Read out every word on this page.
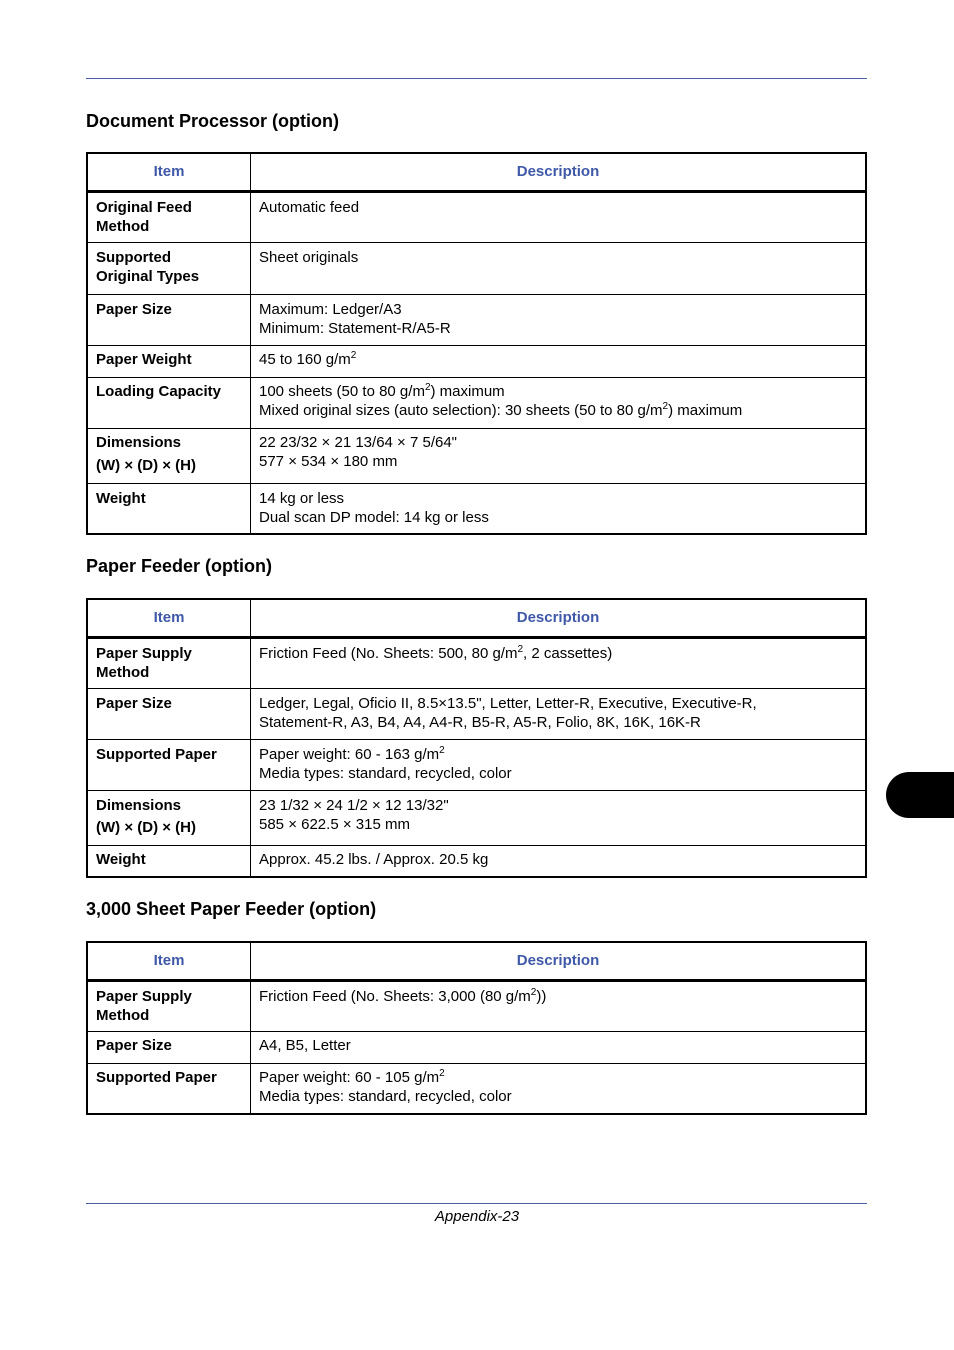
Document Processor (option)
Item	Description

Original Feed
Method	Automatic feed

Supported
Original Types	Sheet originals

Paper Size	Maximum: Ledger/A3
Minimum: Statement-R/A5-R

Paper Weight	45 to 160 $g/m^2$

Loading Capacity	100 sheets (50 to 80 $g/m^2$) maximum
Mixed original sizes (auto selection): 30 sheets (50 to 80 $g/m^2$) maximum

Dimensions
(W) × (D) × (H)	22 23/32 × 21 13/64 × 7 5/64"
577 × 534 × 180 mm

Weight	14 kg or less
Dual scan DP model: 14 kg or less
Paper Feeder (option)
Item	Description

Paper Supply
Method	Friction Feed (No. Sheets: 500, 80 $g/m^2$, 2 cassettes)

Paper Size	Ledger, Legal, Oficio II, 8.5×13.5", Letter, Letter-R, Executive, Executive-R,
Statement-R, A3, B4, A4, A4-R, B5-R, A5-R, Folio, 8K, 16K, 16K-R

Supported Paper	Paper weight: 60 - 163 $g/m^2$
Media types: standard, recycled, color

Dimensions
(W) × (D) × (H)	23 1/32 × 24 1/2 × 12 13/32"
585 × 622.5 × 315 mm

Weight	Approx. 45.2 lbs. / Approx. 20.5 kg
3,000 Sheet Paper Feeder (option)
Item	Description

Paper Supply
Method	Friction Feed (No. Sheets: 3,000 (80 $g/m^2$))

Paper Size	A4, B5, Letter

Supported Paper	Paper weight: 60 - 105 $g/m^2$
Media types: standard, recycled, color
Appendix-23
